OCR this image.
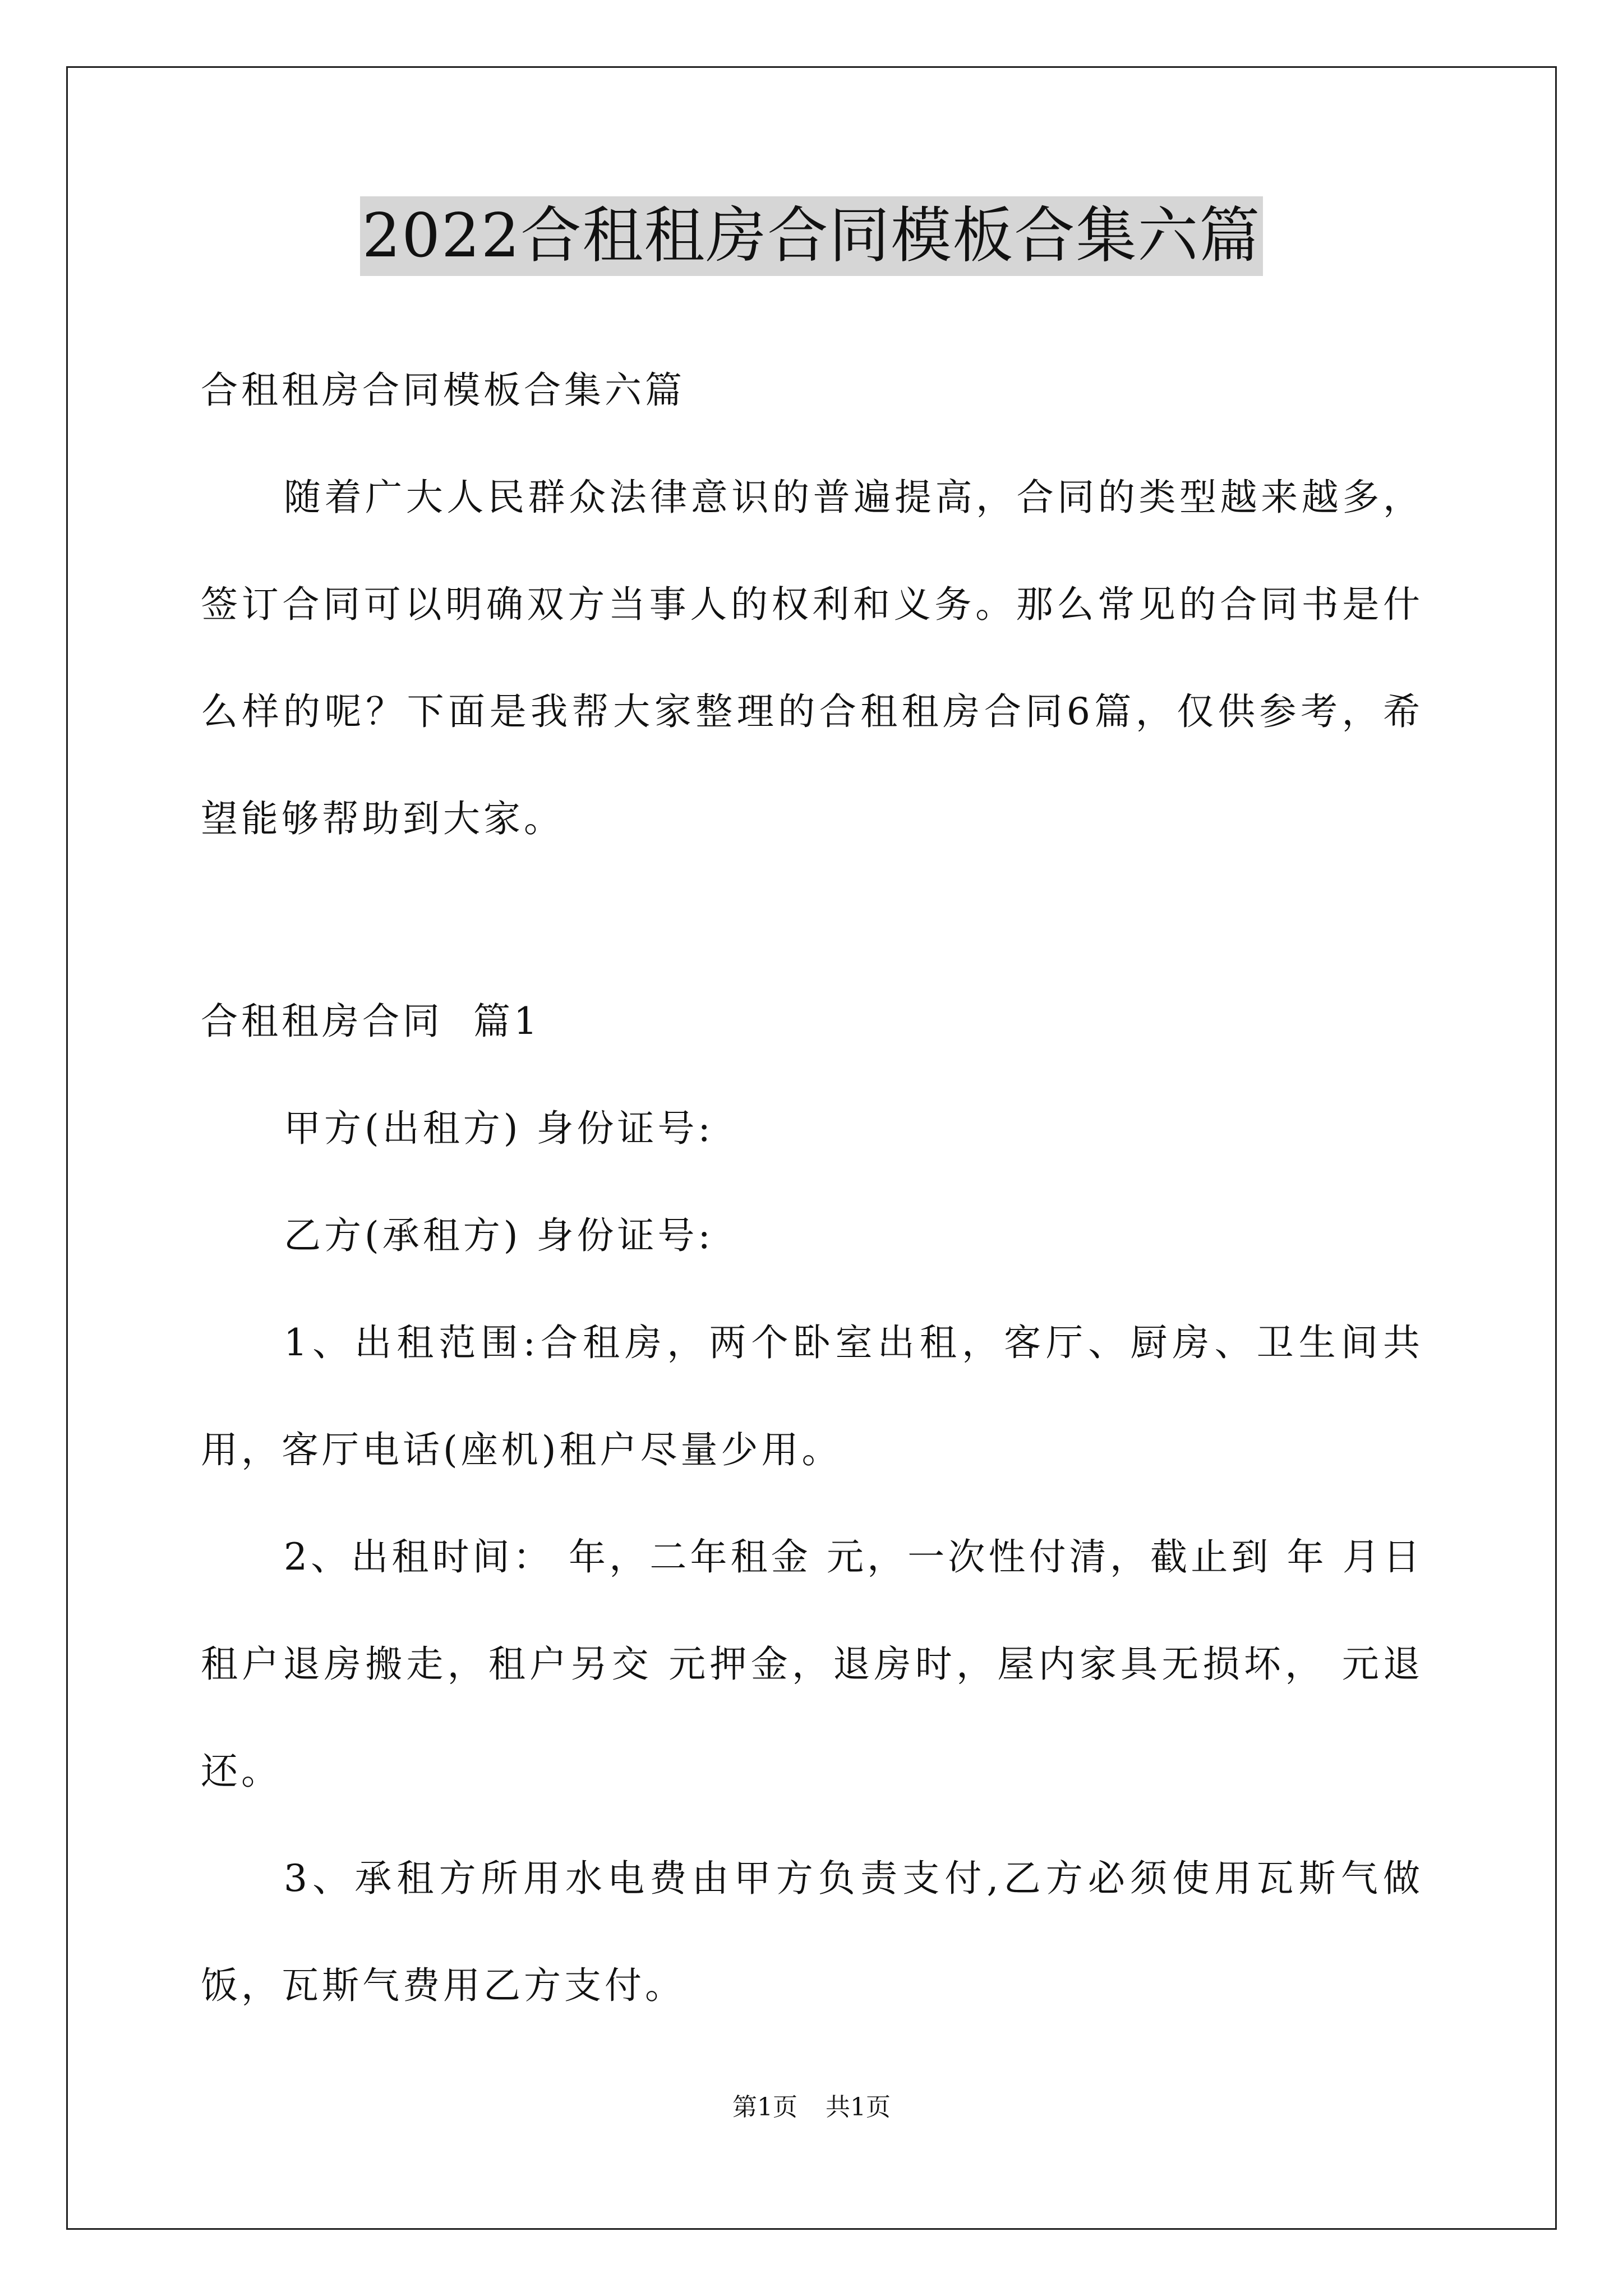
2022合租租房合同模板合集六篇

合租租房合同模板合集六篇

随着广大人民群众法律意识的普遍提高，合同的类型越来越多，签订合同可以明确双方当事人的权利和义务。那么常见的合同书是什么样的呢？下面是我帮大家整理的合租租房合同6篇，仅供参考，希望能够帮助到大家。

合租租房合同  篇1

甲方(出租方) 身份证号:

乙方(承租方) 身份证号:

1、出租范围:合租房，两个卧室出租，客厅、厨房、卫生间共用，客厅电话(座机)租户尽量少用。

2、出租时间： 年，二年租金 元，一次性付清，截止到 年 月日租户退房搬走，租户另交 元押金，退房时，屋内家具无损坏， 元退还。

3、承租方所用水电费由甲方负责支付,乙方必须使用瓦斯气做饭，瓦斯气费用乙方支付。

第1页 共1页
